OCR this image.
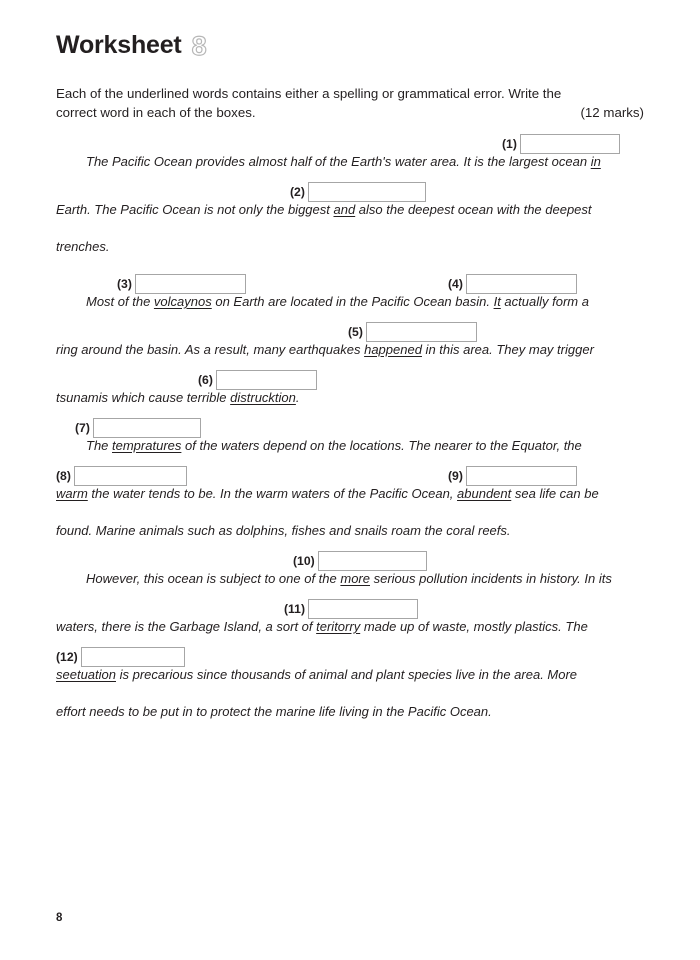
Worksheet 8
Each of the underlined words contains either a spelling or grammatical error. Write the
correct word in each of the boxes.	(12 marks)
(1)
The Pacific Ocean provides almost half of the Earth's water area. It is the largest ocean in
(2)
Earth. The Pacific Ocean is not only the biggest and also the deepest ocean with the deepest
trenches.
(3)	(4)
Most of the volcaynos on Earth are located in the Pacific Ocean basin. It actually form a
(5)
ring around the basin. As a result, many earthquakes happened in this area. They may trigger
(6)
tsunamis which cause terrible distrucktion.
(7)
The tempratures of the waters depend on the locations. The nearer to the Equator, the
(8)	(9)
warm the water tends to be. In the warm waters of the Pacific Ocean, abundent sea life can be
found. Marine animals such as dolphins, fishes and snails roam the coral reefs.
(10)
However, this ocean is subject to one of the more serious pollution incidents in history. In its
(11)
waters, there is the Garbage Island, a sort of teritorry made up of waste, mostly plastics. The
(12)
seetuation is precarious since thousands of animal and plant species live in the area. More
effort needs to be put in to protect the marine life living in the Pacific Ocean.
8
